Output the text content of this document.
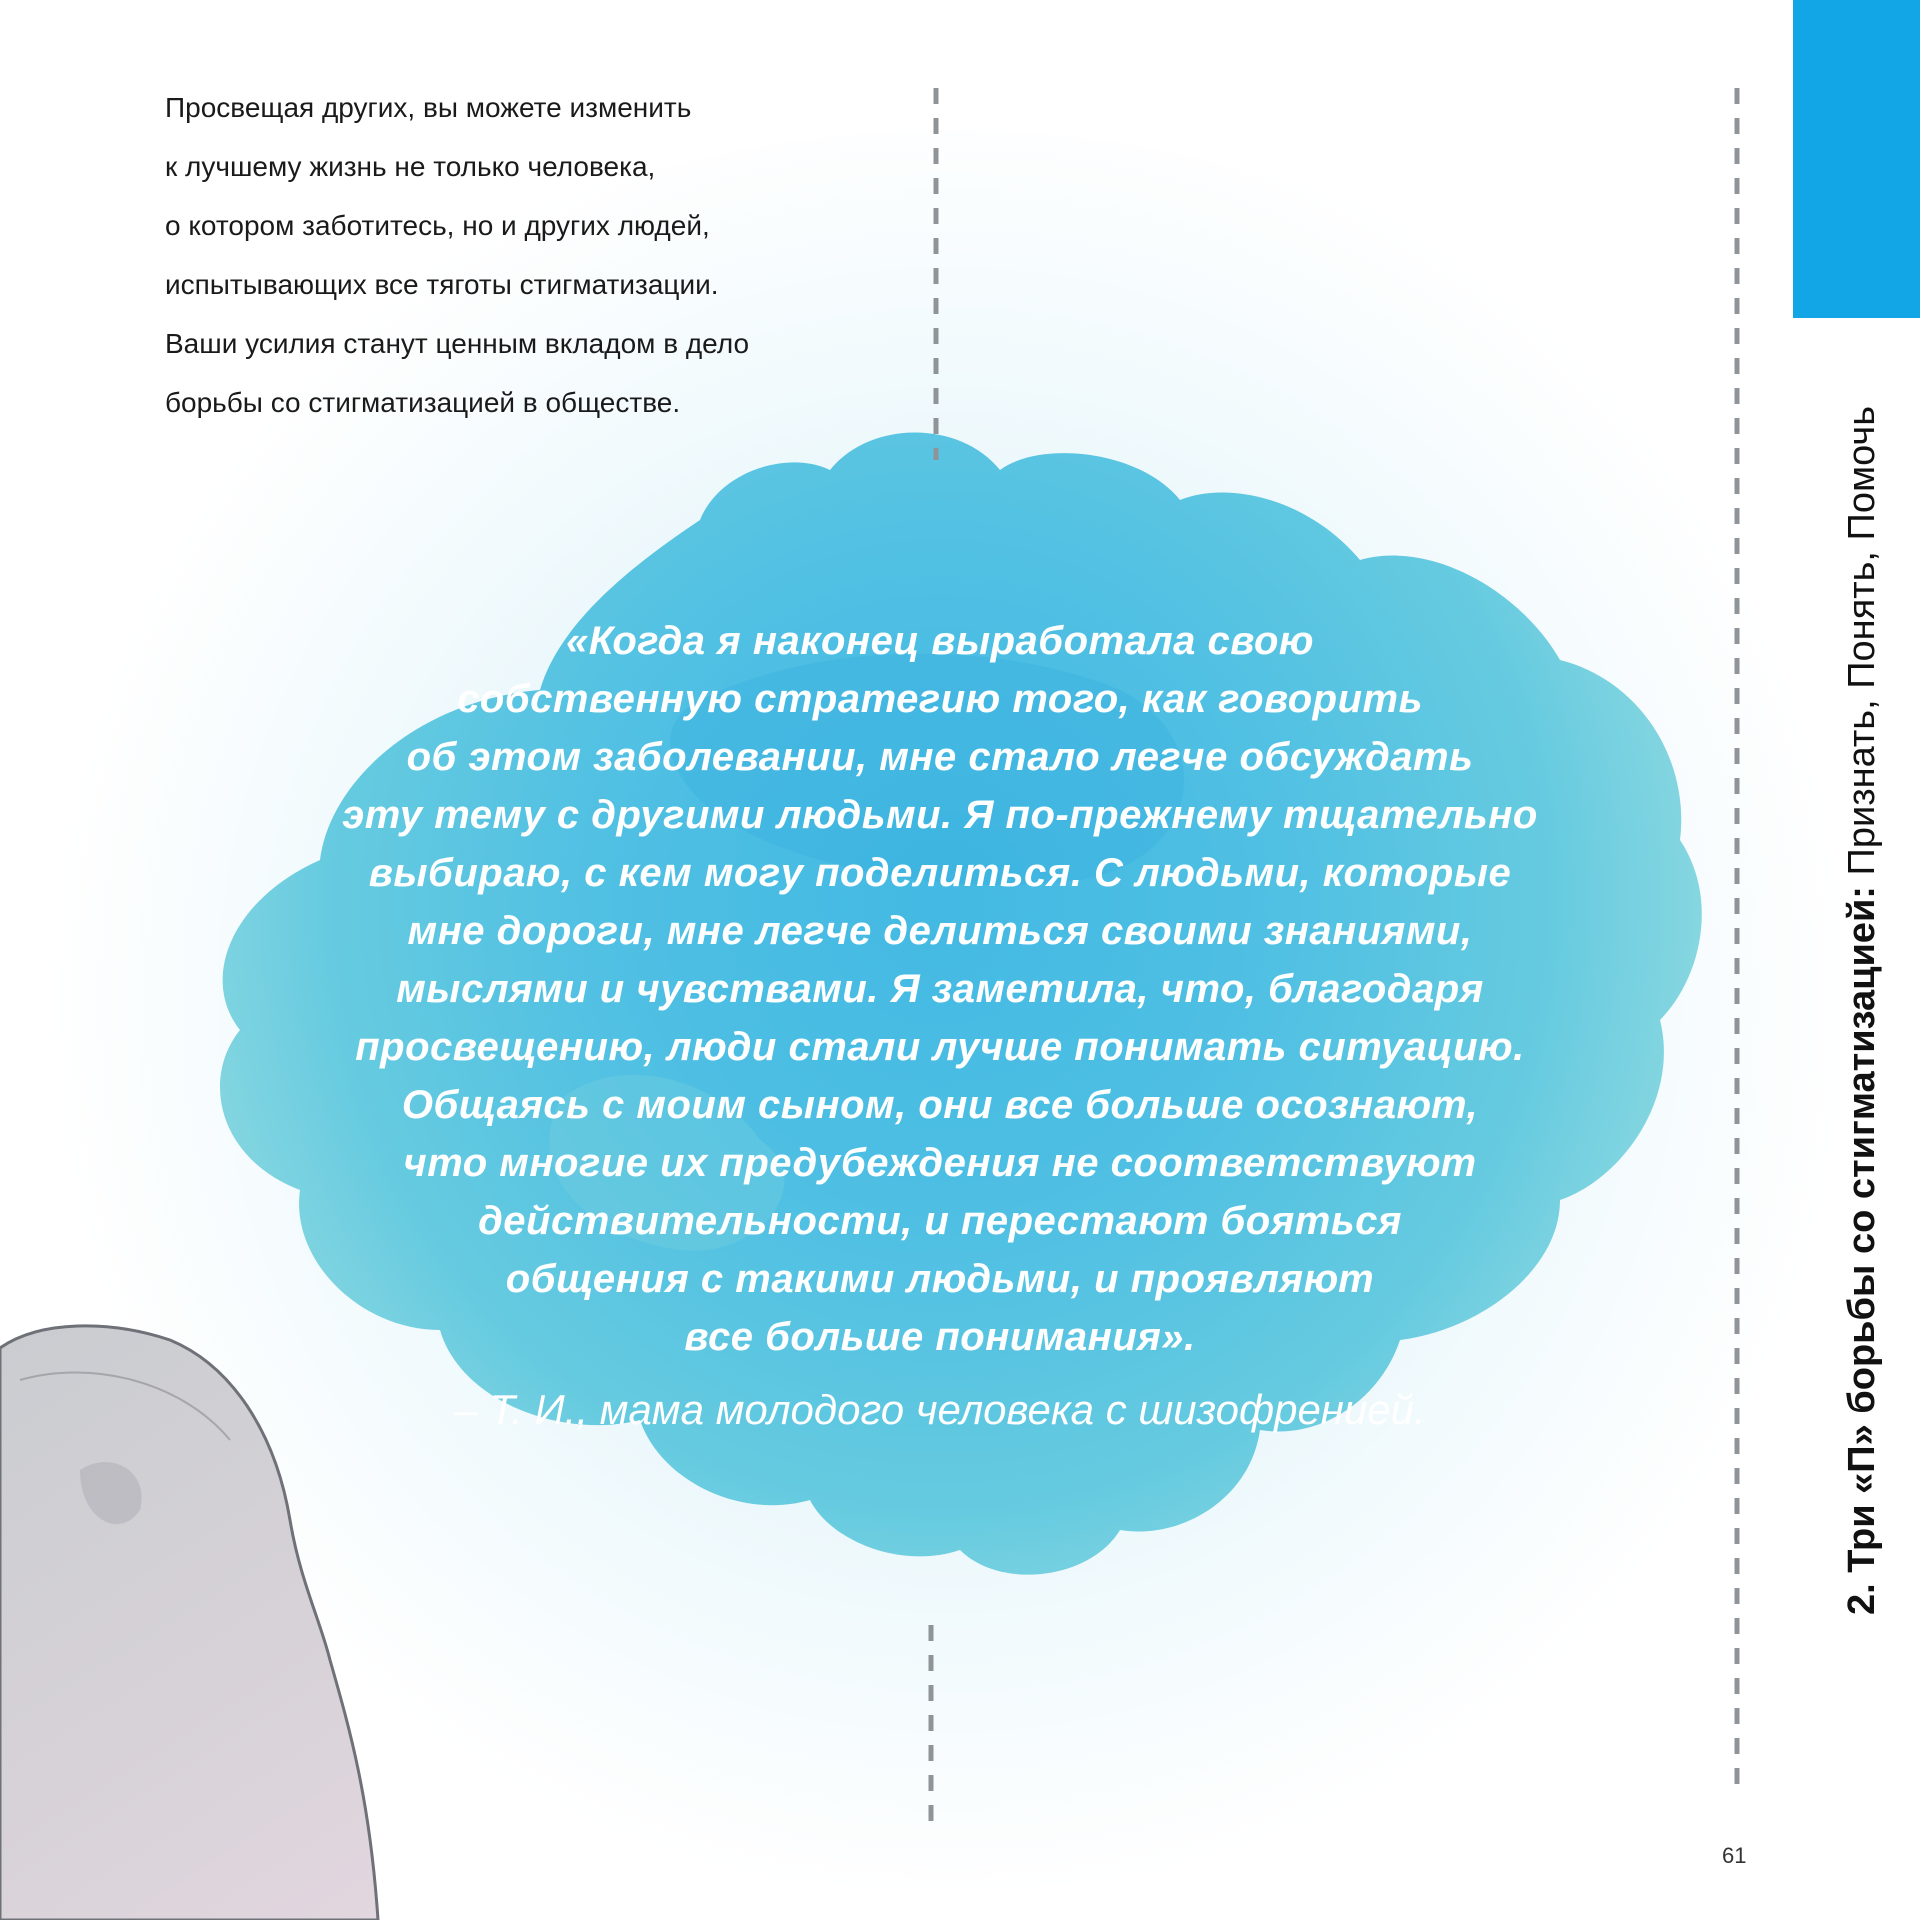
Просвещая других, вы можете изменить
к лучшему жизнь не только человека,
о котором заботитесь, но и других людей,
испытывающих все тяготы стигматизации.
Ваши усилия станут ценным вкладом в дело
борьбы со стигматизацией в обществе.

«Когда я наконец выработала свою
собственную стратегию того, как говорить
об этом заболевании, мне стало легче обсуждать
эту тему с другими людьми. Я по-прежнему тщательно
выбираю, с кем могу поделиться. С людьми, которые
мне дороги, мне легче делиться своими знаниями,
мыслями и чувствами. Я заметила, что, благодаря
просвещению, люди стали лучше понимать ситуацию.
Общаясь с моим сыном, они все больше осознают,
что многие их предубеждения не соответствуют
действительности, и перестают бояться
общения с такими людьми, и проявляют
все больше понимания».
– Т. И., мама молодого человека с шизофренией.	2. Три «П» борьбы со стигматизацией: Признать, Понять, Помочь
61
